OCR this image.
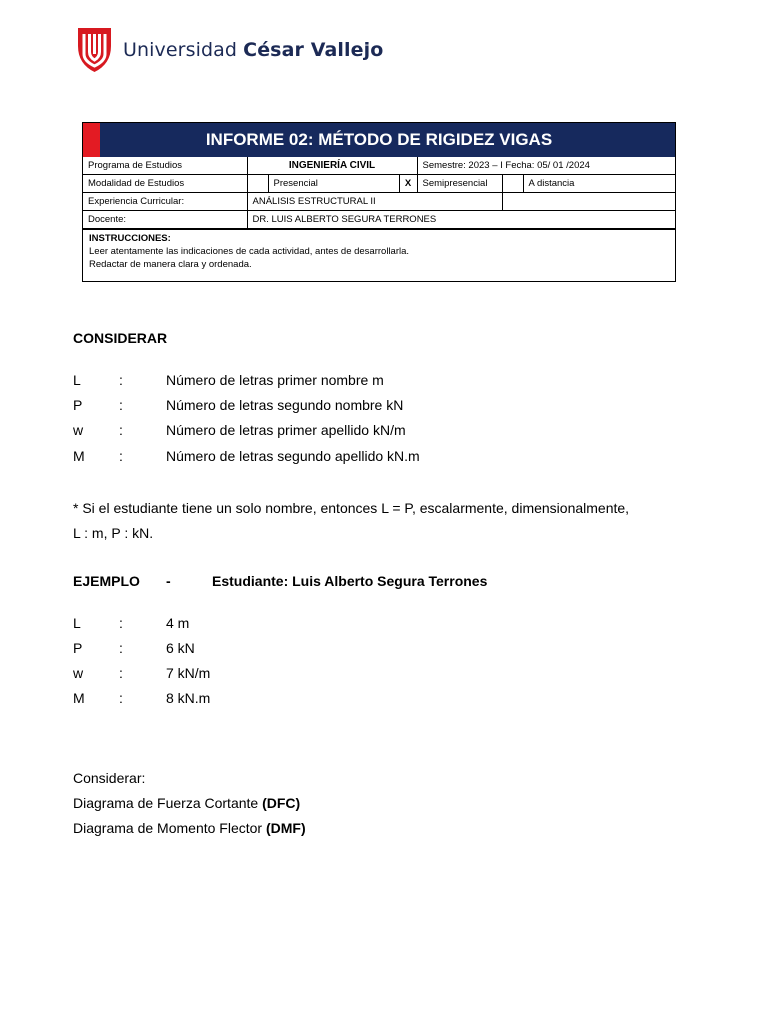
Universidad César Vallejo
INFORME 02: MÉTODO DE RIGIDEZ VIGAS
Programa de Estudios	INGENIERÍA CIVIL			Semestre: 2023 – I Fecha: 05/ 01 /2024		
Modalidad de Estudios		Presencial	X	Semipresencial		A distancia
Experiencia Curricular:	ANÁLISIS ESTRUCTURAL II					
Docente:	DR. LUIS ALBERTO SEGURA TERRONES					
INSTRUCCIONES:
Leer atentamente las indicaciones de cada actividad, antes de desarrollarla.
Redactar de manera clara y ordenada.
CONSIDERAR
L	:	Número de letras primer nombre m
P	:	Número de letras segundo nombre kN
w	:	Número de letras primer apellido kN/m
M :	Número de letras segundo apellido kN.m
* Si el estudiante tiene un solo nombre, entonces L = P, escalarmente, dimensionalmente,
L : m, P : kN.
EJEMPLO -	Estudiante: Luis Alberto Segura Terrones
L	:	4 m
P	:	6 kN
w	:	7 kN/m
M :	8 kN.m
Considerar:
Diagrama de Fuerza Cortante (DFC)
Diagrama de Momento Flector (DMF)
